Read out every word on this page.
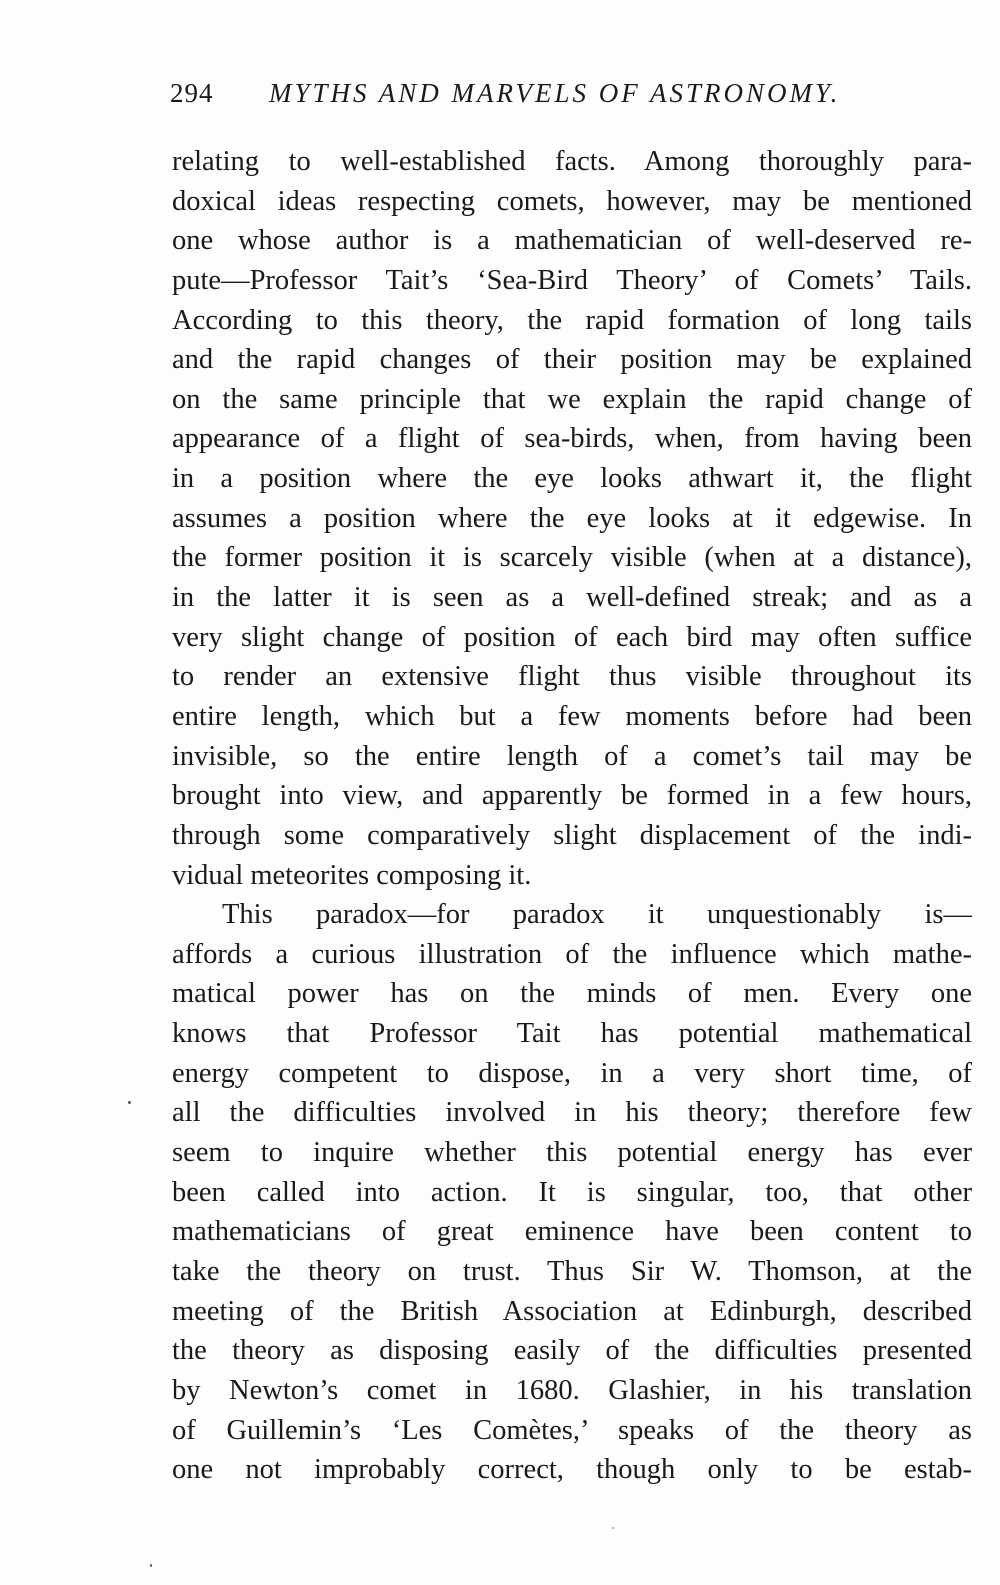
294 MYTHS AND MARVELS OF ASTRONOMY.
relating to well-established facts. Among thoroughly para-
doxical ideas respecting comets, however, may be mentioned
one whose author is a mathematician of well-deserved re-
pute—Professor Tait’s ‘Sea-Bird Theory’ of Comets’ Tails.
According to this theory, the rapid formation of long tails
and the rapid changes of their position may be explained
on the same principle that we explain the rapid change of
appearance of a flight of sea-birds, when, from having been
in a position where the eye looks athwart it, the flight
assumes a position where the eye looks at it edgewise. In
the former position it is scarcely visible (when at a distance),
in the latter it is seen as a well-defined streak; and as a
very slight change of position of each bird may often suffice
to render an extensive flight thus visible throughout its
entire length, which but a few moments before had been
invisible, so the entire length of a comet’s tail may be
brought into view, and apparently be formed in a few hours,
through some comparatively slight displacement of the indi-
vidual meteorites composing it.
This paradox—for paradox it unquestionably is—
affords a curious illustration of the influence which mathe-
matical power has on the minds of men. Every one
knows that Professor Tait has potential mathematical
energy competent to dispose, in a very short time, of
all the difficulties involved in his theory; therefore few
seem to inquire whether this potential energy has ever
been called into action. It is singular, too, that other
mathematicians of great eminence have been content to
take the theory on trust. Thus Sir W. Thomson, at the
meeting of the British Association at Edinburgh, described
the theory as disposing easily of the difficulties presented
by Newton’s comet in 1680. Glashier, in his translation
of Guillemin’s ‘Les Comètes,’ speaks of the theory as
one not improbably correct, though only to be estab-
